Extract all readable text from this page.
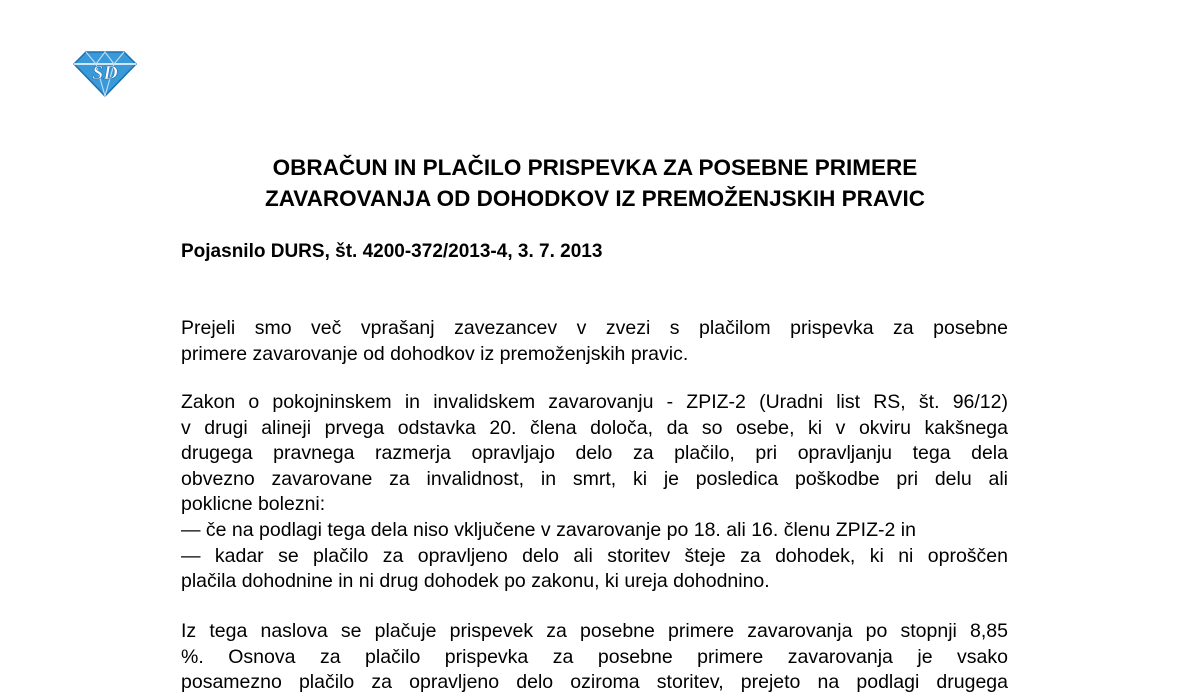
SD
OBRAČUN IN PLAČILO PRISPEVKA ZA POSEBNE PRIMERE
ZAVAROVANJA OD DOHODKOV IZ PREMOŽENJSKIH PRAVIC
Pojasnilo DURS, št. 4200-372/2013-4, 3. 7. 2013
Prejeli smo več vprašanj zavezancev v zvezi s plačilom prispevka za posebne
primere zavarovanje od dohodkov iz premoženjskih pravic.
Zakon o pokojninskem in invalidskem zavarovanju - ZPIZ-2 (Uradni list RS, št. 96/12)
v drugi alineji prvega odstavka 20. člena določa, da so osebe, ki v okviru kakšnega
drugega pravnega razmerja opravljajo delo za plačilo, pri opravljanju tega dela
obvezno zavarovane za invalidnost, in smrt, ki je posledica poškodbe pri delu ali
poklicne bolezni:
— če na podlagi tega dela niso vključene v zavarovanje po 18. ali 16. členu ZPIZ-2 in
— kadar se plačilo za opravljeno delo ali storitev šteje za dohodek, ki ni oproščen
plačila dohodnine in ni drug dohodek po zakonu, ki ureja dohodnino.
Iz tega naslova se plačuje prispevek za posebne primere zavarovanja po stopnji 8,85
%. Osnova za plačilo prispevka za posebne primere zavarovanja je vsako
posamezno plačilo za opravljeno delo oziroma storitev, prejeto na podlagi drugega
